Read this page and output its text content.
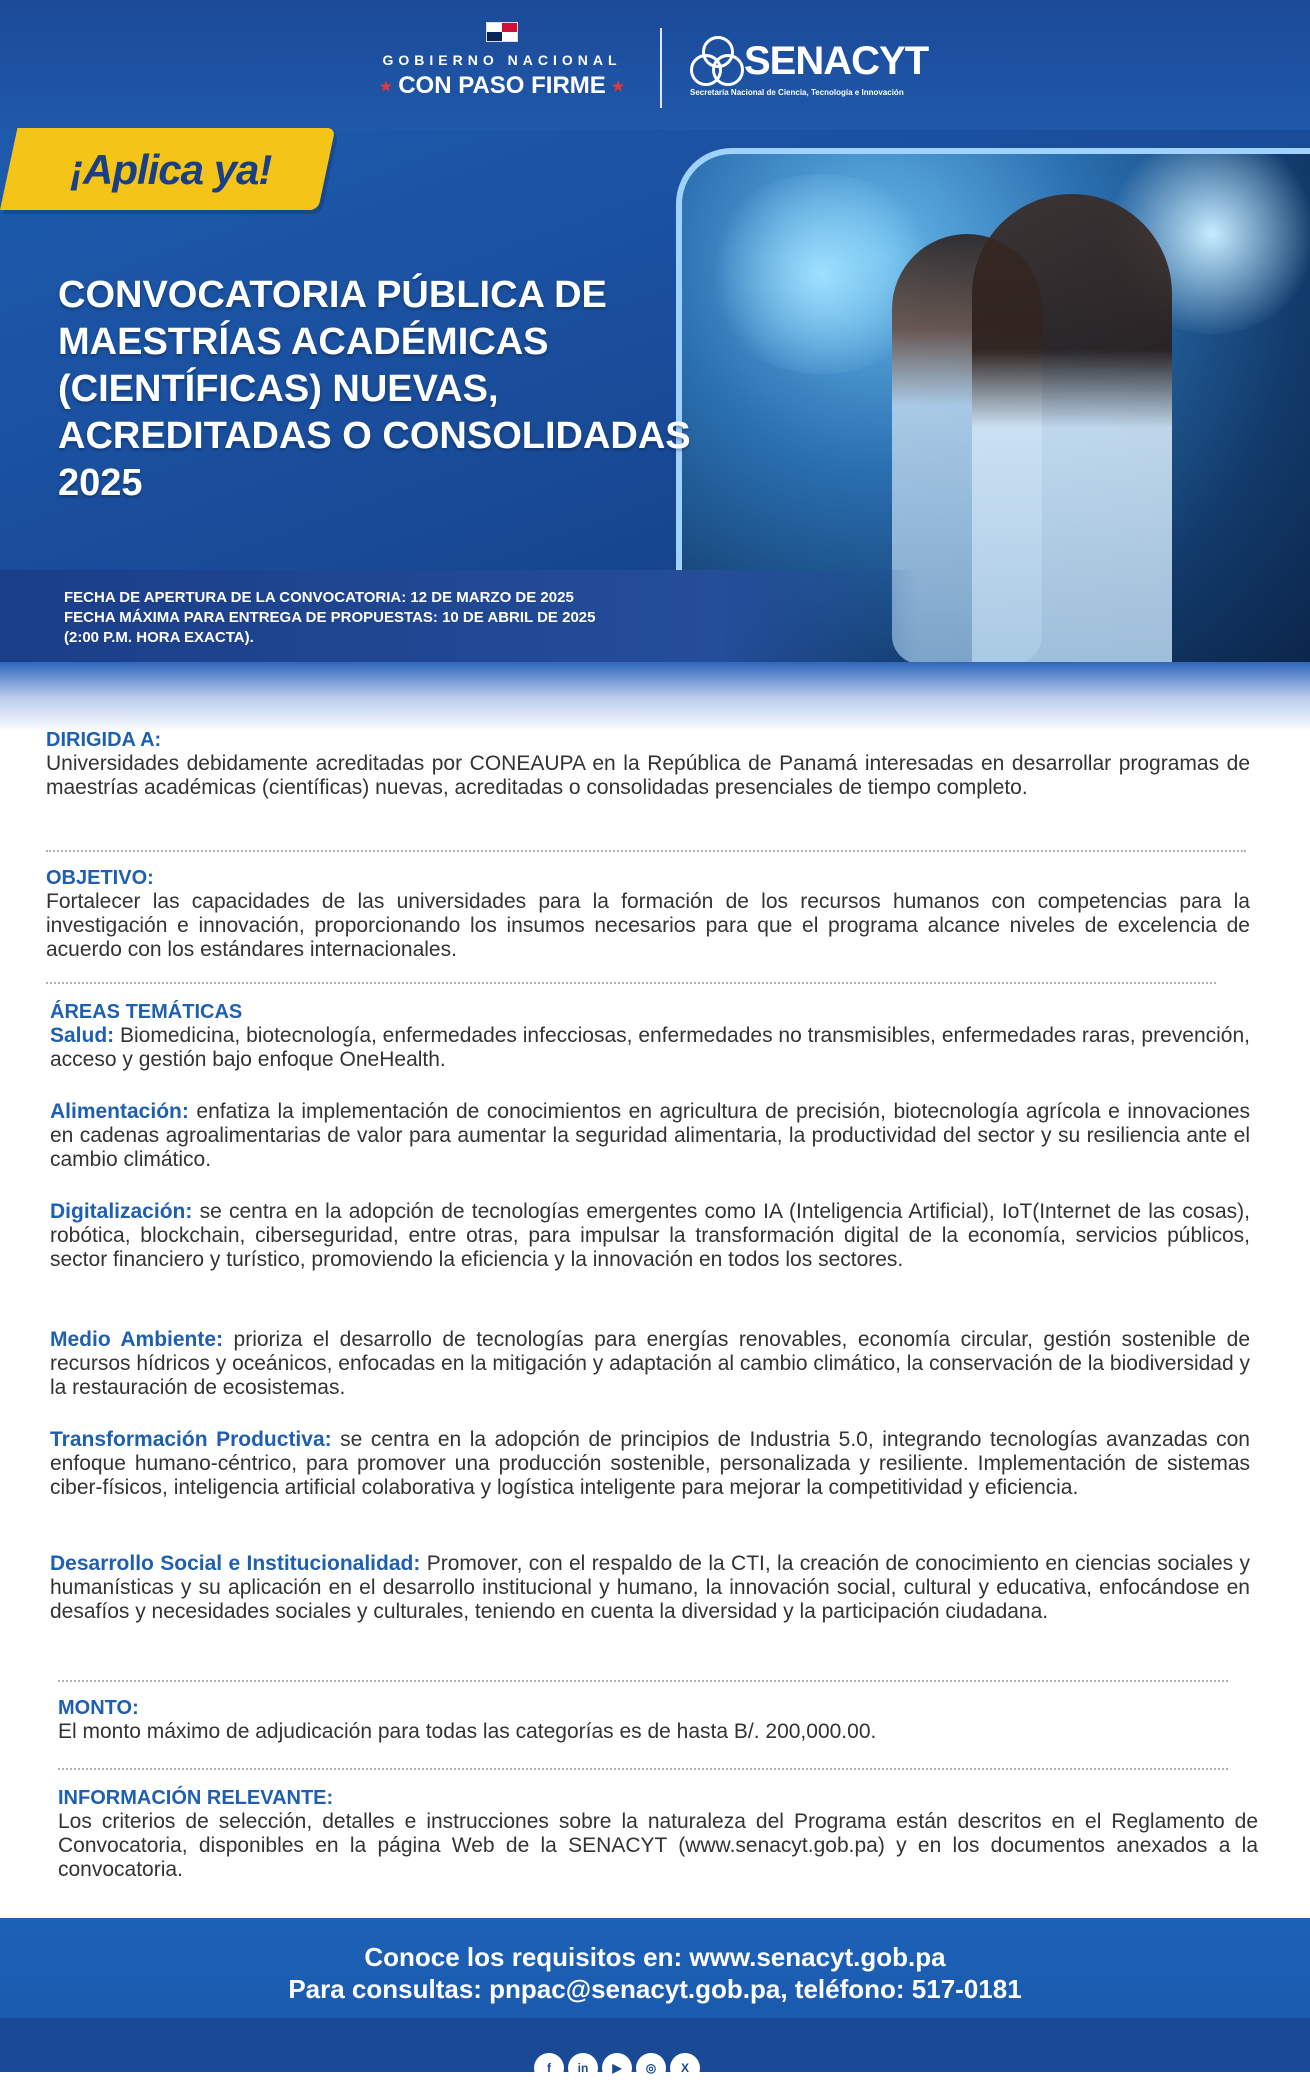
GOBIERNO NACIONAL
★ CON PASO FIRME ★
SENACYT
Secretaría Nacional de Ciencia, Tecnología e Innovación
¡Aplica ya!
CONVOCATORIA PÚBLICA DE
MAESTRÍAS ACADÉMICAS
(CIENTÍFICAS) NUEVAS,
ACREDITADAS O CONSOLIDADAS
2025
FECHA DE APERTURA DE LA CONVOCATORIA: 12 DE MARZO DE 2025
FECHA MÁXIMA PARA ENTREGA DE PROPUESTAS: 10 DE ABRIL DE 2025
(2:00 P.M. HORA EXACTA).
DIRIGIDA A:
Universidades debidamente acreditadas por CONEAUPA en la República de Panamá interesadas en desarrollar programas de maestrías académicas (científicas) nuevas, acreditadas o consolidadas presenciales de tiempo completo.
OBJETIVO:
Fortalecer las capacidades de las universidades para la formación de los recursos humanos con competencias para la investigación e innovación, proporcionando los insumos necesarios para que el programa alcance niveles de excelencia de acuerdo con los estándares internacionales.
ÁREAS TEMÁTICAS
Salud: Biomedicina, biotecnología, enfermedades infecciosas, enfermedades no transmisibles, enfermedades raras, prevención, acceso y gestión bajo enfoque OneHealth.
Alimentación: enfatiza la implementación de conocimientos en agricultura de precisión, biotecnología agrícola e innovaciones en cadenas agroalimentarias de valor para aumentar la seguridad alimentaria, la productividad del sector y su resiliencia ante el cambio climático.
Digitalización: se centra en la adopción de tecnologías emergentes como IA (Inteligencia Artificial), IoT(Internet de las cosas), robótica, blockchain, ciberseguridad, entre otras, para impulsar la transformación digital de la economía, servicios públicos, sector financiero y turístico, promoviendo la eficiencia y la innovación en todos los sectores.
Medio Ambiente: prioriza el desarrollo de tecnologías para energías renovables, economía circular, gestión sostenible de recursos hídricos y oceánicos, enfocadas en la mitigación y adaptación al cambio climático, la conservación de la biodiversidad y la restauración de ecosistemas.
Transformación Productiva: se centra en la adopción de principios de Industria 5.0, integrando tecnologías avanzadas con enfoque humano-céntrico, para promover una producción sostenible, personalizada y resiliente. Implementación de sistemas ciber-físicos, inteligencia artificial colaborativa y logística inteligente para mejorar la competitividad y eficiencia.
Desarrollo Social e Institucionalidad: Promover, con el respaldo de la CTI, la creación de conocimiento en ciencias sociales y humanísticas y su aplicación en el desarrollo institucional y humano, la innovación social, cultural y educativa, enfocándose en desafíos y necesidades sociales y culturales, teniendo en cuenta la diversidad y la participación ciudadana.
MONTO:
El monto máximo de adjudicación para todas las categorías es de hasta B/. 200,000.00.
INFORMACIÓN RELEVANTE:
Los criterios de selección, detalles e instrucciones sobre la naturaleza del Programa están descritos en el Reglamento de Convocatoria, disponibles en la página Web de la SENACYT (www.senacyt.gob.pa) y en los documentos anexados a la convocatoria.
Conoce los requisitos en: www.senacyt.gob.pa
Para consultas: pnpac@senacyt.gob.pa, teléfono: 517-0181
f	in	▶	◎	X
